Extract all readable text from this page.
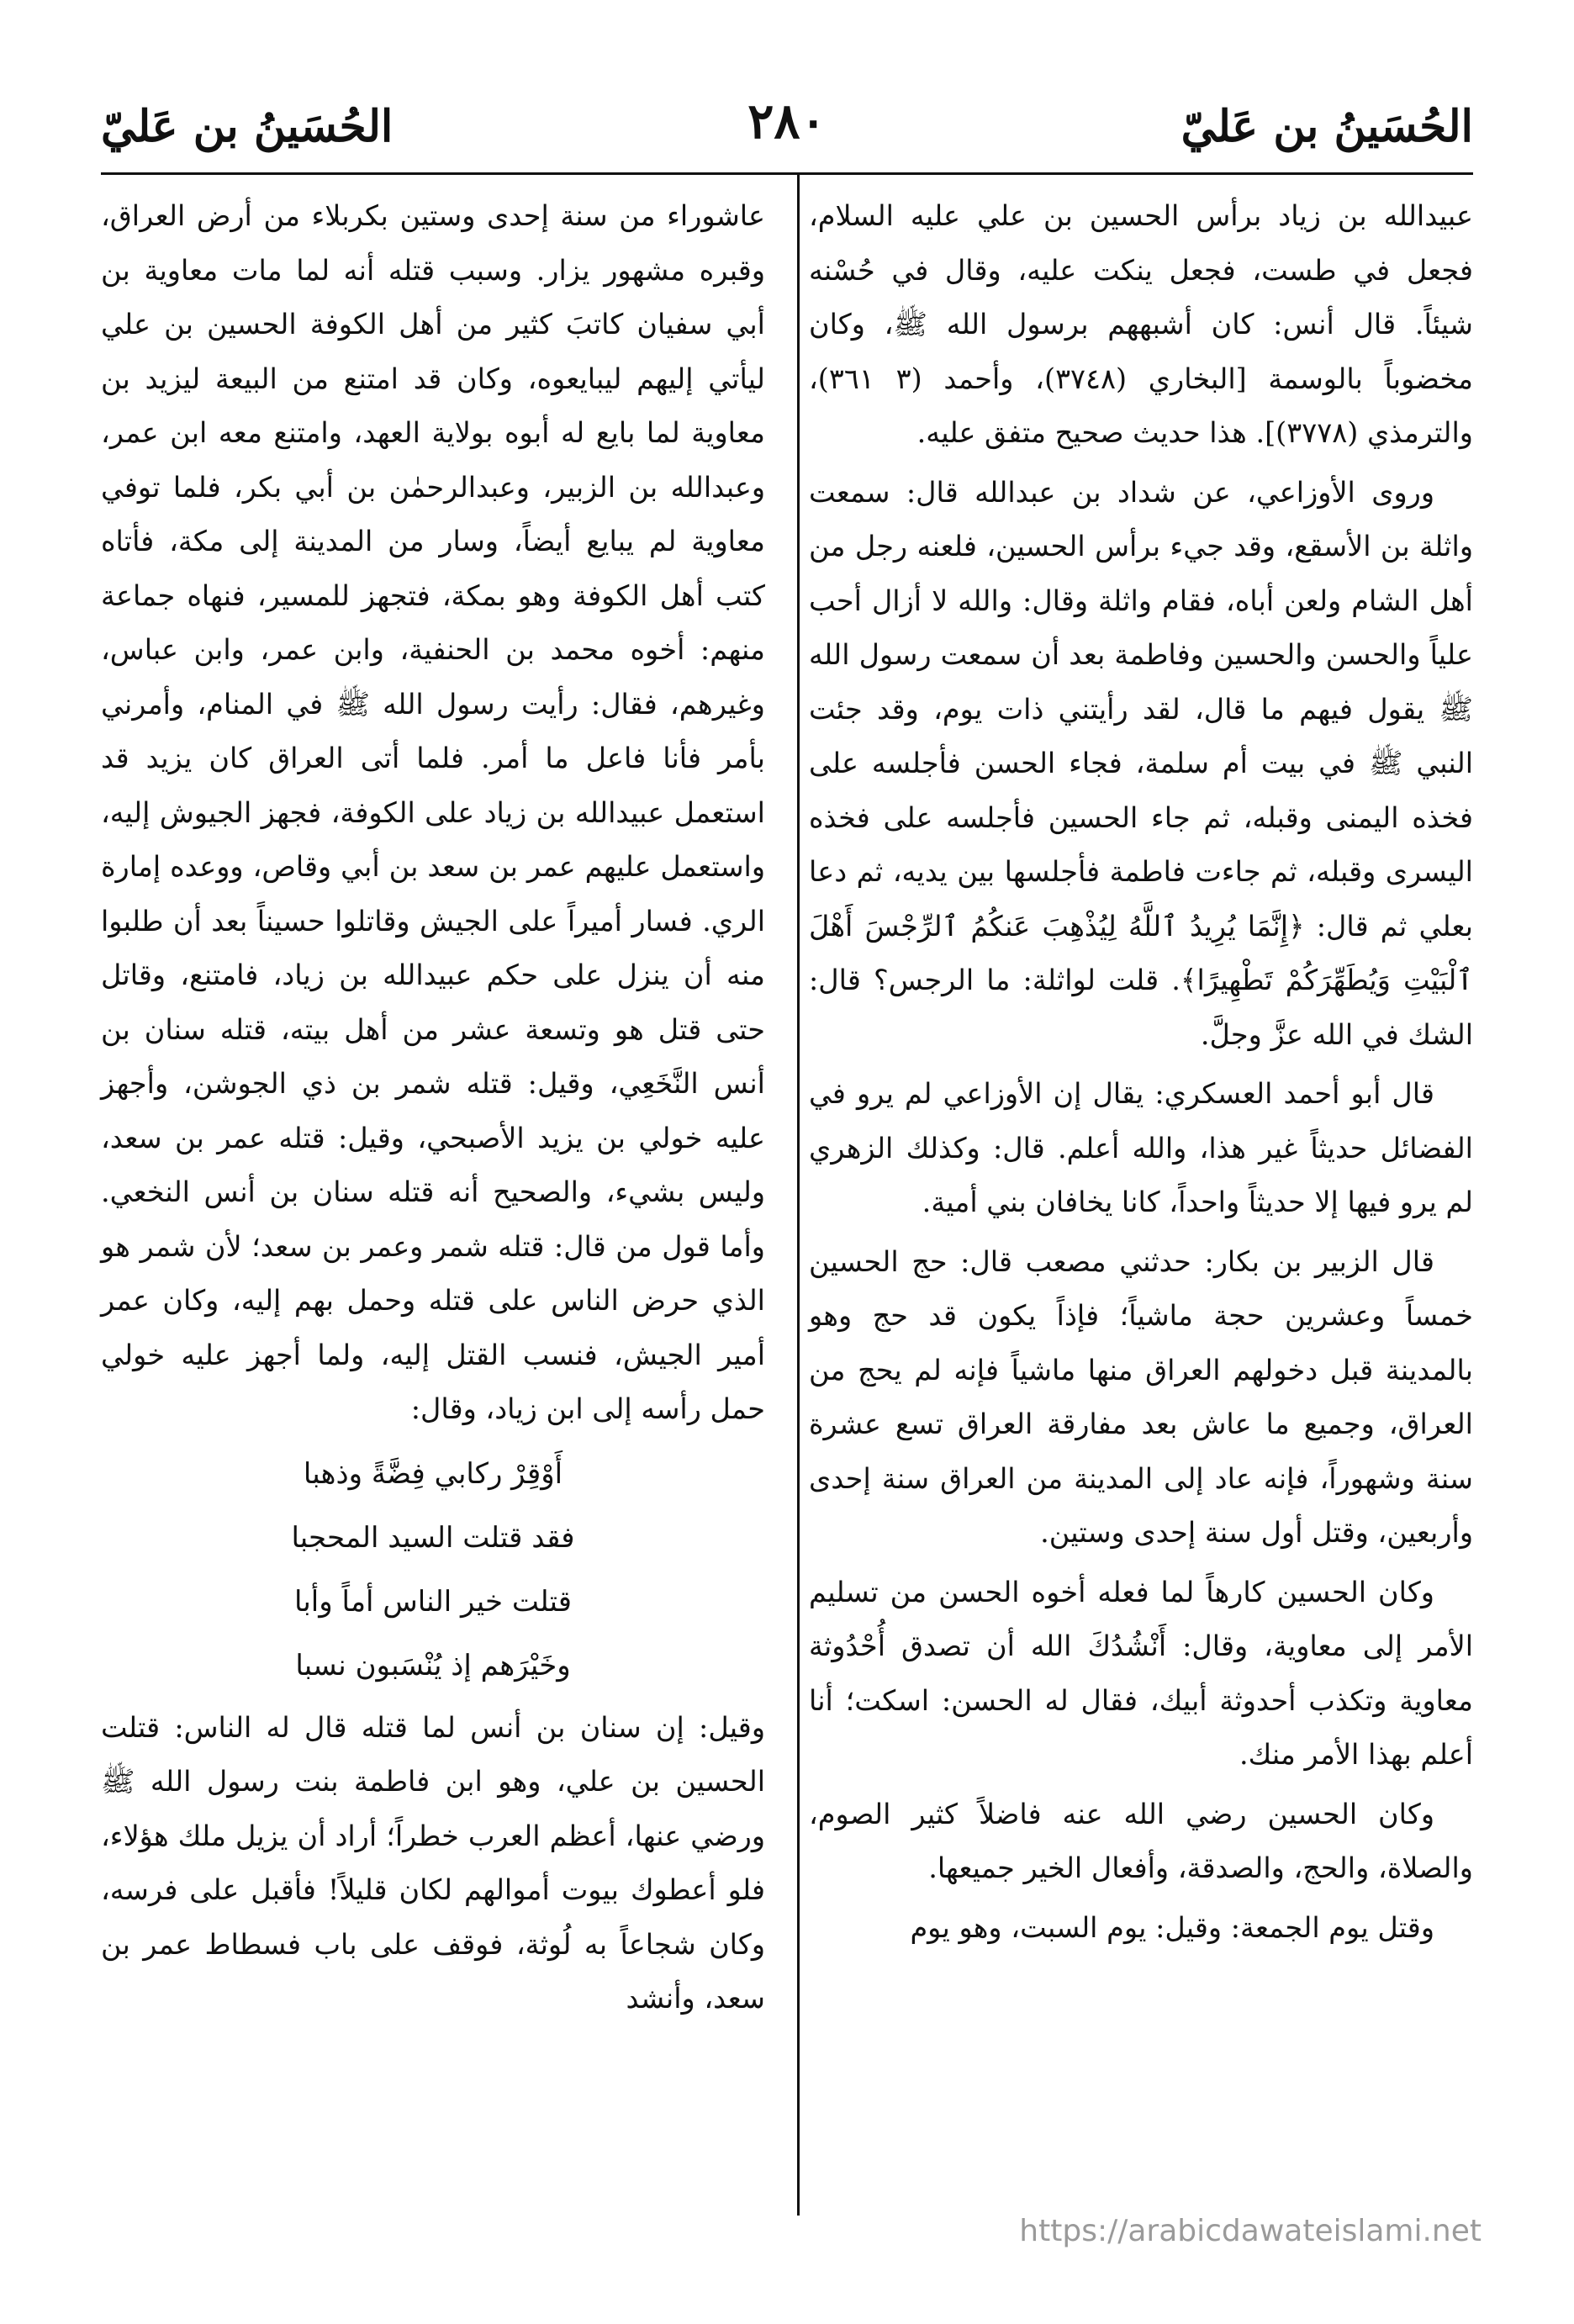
الحُسَينُ بن عَليّ
٢٨٠
الحُسَينُ بن عَليّ

عبيدالله بن زياد برأس الحسين بن علي عليه السلام، فجعل في طست، فجعل ينكت عليه، وقال في حُسْنه شيئاً. قال أنس: كان أشبههم برسول الله ﷺ، وكان مخضوباً بالوسمة [البخاري (٣٧٤٨)، وأحمد (٣ ٣٦١)، والترمذي (٣٧٧٨)]. هذا حديث صحيح متفق عليه.

وروى الأوزاعي، عن شداد بن عبدالله قال: سمعت واثلة بن الأسقع، وقد جيء برأس الحسين، فلعنه رجل من أهل الشام ولعن أباه، فقام واثلة وقال: والله لا أزال أحب علياً والحسن والحسين وفاطمة بعد أن سمعت رسول الله ﷺ يقول فيهم ما قال، لقد رأيتني ذات يوم، وقد جئت النبي ﷺ في بيت أم سلمة، فجاء الحسن فأجلسه على فخذه اليمنى وقبله، ثم جاء الحسين فأجلسه على فخذه اليسرى وقبله، ثم جاءت فاطمة فأجلسها بين يديه، ثم دعا بعلي ثم قال: ﴿إِنَّمَا يُرِيدُ ٱللَّهُ لِيُذْهِبَ عَنكُمُ ٱلرِّجْسَ أَهْلَ ٱلْبَيْتِ وَيُطَهِّرَكُمْ تَطْهِيرًا﴾. قلت لواثلة: ما الرجس؟ قال: الشك في الله عزَّ وجلَّ.

قال أبو أحمد العسكري: يقال إن الأوزاعي لم يرو في الفضائل حديثاً غير هذا، والله أعلم. قال: وكذلك الزهري لم يرو فيها إلا حديثاً واحداً، كانا يخافان بني أمية.

قال الزبير بن بكار: حدثني مصعب قال: حج الحسين خمساً وعشرين حجة ماشياً؛ فإذاً يكون قد حج وهو بالمدينة قبل دخولهم العراق منها ماشياً فإنه لم يحج من العراق، وجميع ما عاش بعد مفارقة العراق تسع عشرة سنة وشهوراً، فإنه عاد إلى المدينة من العراق سنة إحدى وأربعين، وقتل أول سنة إحدى وستين.

وكان الحسين كارهاً لما فعله أخوه الحسن من تسليم الأمر إلى معاوية، وقال: أَنْشُدُكَ الله أن تصدق أُحْدُوثة معاوية وتكذب أحدوثة أبيك، فقال له الحسن: اسكت؛ أنا أعلم بهذا الأمر منك.

وكان الحسين رضي الله عنه فاضلاً كثير الصوم، والصلاة، والحج، والصدقة، وأفعال الخير جميعها.

وقتل يوم الجمعة: وقيل: يوم السبت، وهو يوم

عاشوراء من سنة إحدى وستين بكربلاء من أرض العراق، وقبره مشهور يزار. وسبب قتله أنه لما مات معاوية بن أبي سفيان كاتبَ كثير من أهل الكوفة الحسين بن علي ليأتي إليهم ليبايعوه، وكان قد امتنع من البيعة ليزيد بن معاوية لما بايع له أبوه بولاية العهد، وامتنع معه ابن عمر، وعبدالله بن الزبير، وعبدالرحمٰن بن أبي بكر، فلما توفي معاوية لم يبايع أيضاً، وسار من المدينة إلى مكة، فأتاه كتب أهل الكوفة وهو بمكة، فتجهز للمسير، فنهاه جماعة منهم: أخوه محمد بن الحنفية، وابن عمر، وابن عباس، وغيرهم، فقال: رأيت رسول الله ﷺ في المنام، وأمرني بأمر فأنا فاعل ما أمر. فلما أتى العراق كان يزيد قد استعمل عبيدالله بن زياد على الكوفة، فجهز الجيوش إليه، واستعمل عليهم عمر بن سعد بن أبي وقاص، ووعده إمارة الري. فسار أميراً على الجيش وقاتلوا حسيناً بعد أن طلبوا منه أن ينزل على حكم عبيدالله بن زياد، فامتنع، وقاتل حتى قتل هو وتسعة عشر من أهل بيته، قتله سنان بن أنس النَّخَعِي، وقيل: قتله شمر بن ذي الجوشن، وأجهز عليه خولي بن يزيد الأصبحي، وقيل: قتله عمر بن سعد، وليس بشيء، والصحيح أنه قتله سنان بن أنس النخعي. وأما قول من قال: قتله شمر وعمر بن سعد؛ لأن شمر هو الذي حرض الناس على قتله وحمل بهم إليه، وكان عمر أمير الجيش، فنسب القتل إليه، ولما أجهز عليه خولي حمل رأسه إلى ابن زياد، وقال:

أَوْقِرْ ركابي فِضَّةً وذهبا
فقد قتلت السيد المحجبا
قتلت خير الناس أماً وأبا
وخَيْرَهم إذ يُنْسَبون نسبا

وقيل: إن سنان بن أنس لما قتله قال له الناس: قتلت الحسين بن علي، وهو ابن فاطمة بنت رسول الله ﷺ ورضي عنها، أعظم العرب خطراً؛ أراد أن يزيل ملك هؤلاء، فلو أعطوك بيوت أموالهم لكان قليلاً! فأقبل على فرسه، وكان شجاعاً به لُوثة، فوقف على باب فسطاط عمر بن سعد، وأنشد

https://arabicdawateislami.net
